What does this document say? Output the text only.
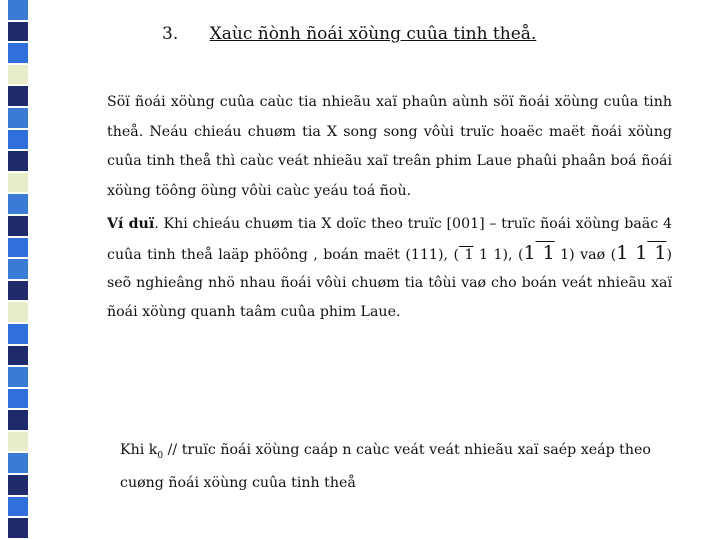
3. Xaùc ñònh ñoái xöùng cuûa tinh theå.
Söï ñoái xöùng cuûa caùc tia nhieãu xaï phaûn aùnh söï ñoái xöùng cuûa tinh theå. Neáu chieáu chuøm tia X song song vôùi truïc hoaëc maët ñoái xöùng cuûa tinh theå thì caùc veát nhieãu xaï treân phim Laue phaûi phaân boá ñoái xöùng töông öùng vôùi caùc yeáu toá ñoù.
Ví duï. Khi chieáu chuøm tia X doïc theo truïc [001] – truïc ñoái xöùng baäc 4 cuûa tinh theå laäp phöông , boán maët (111), ( 1 1 1), (1 1 1) vaø (1 1 1) seõ nghieâng nhö nhau ñoái vôùi chuøm tia tôùi vaø cho boán veát nhieãu xaï ñoái xöùng quanh taâm cuûa phim Laue.
Khi $k_0$ // truïc ñoái xöùng caáp n caùc veát veát nhieãu xaï saép xeáp theo cuøng ñoái xöùng cuûa tinh theå
